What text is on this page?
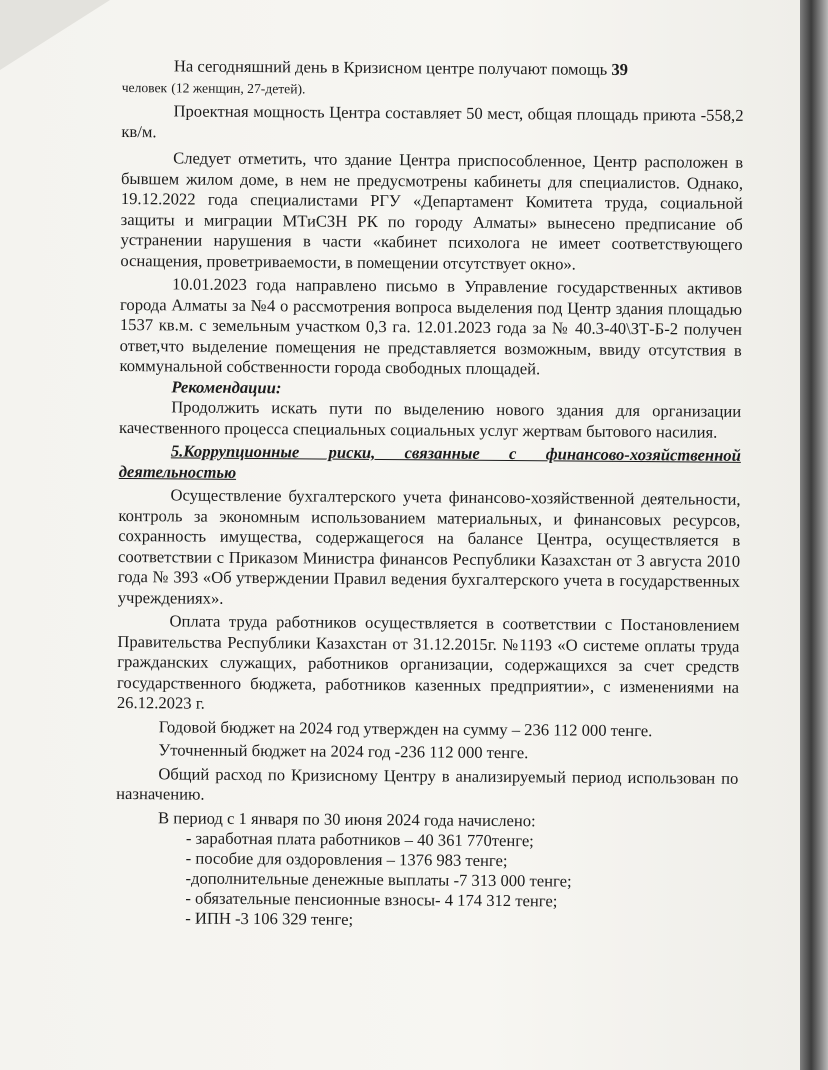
На сегодняшний день в Кризисном центре получают помощь 39

человек (12 женщин, 27-детей).

Проектная мощность Центра составляет 50 мест, общая площадь приюта -558,2 кв/м.

Следует отметить, что здание Центра приспособленное, Центр расположен в бывшем жилом доме, в нем не предусмотрены кабинеты для специалистов. Однако, 19.12.2022 года специалистами РГУ «Департамент Комитета труда, социальной защиты и миграции МТиСЗН РК по городу Алматы» вынесено предписание об устранении нарушения в части «кабинет психолога не имеет соответствующего оснащения, проветриваемости, в помещении отсутствует окно».

10.01.2023 года направлено письмо в Управление государственных активов города Алматы за №4 о рассмотрения вопроса выделения под Центр здания площадью 1537 кв.м. с земельным участком 0,3 га. 12.01.2023 года за № 40.3-40\ЗТ-Б-2 получен ответ,что выделение помещения не представляется возможным, ввиду отсутствия в коммунальной собственности города свободных площадей.

Рекомендации:

Продолжить искать пути по выделению нового здания для организации качественного процесса специальных социальных услуг жертвам бытового насилия.

5.Коррупционные риски, связанные с финансово-хозяйственной деятельностью

Осуществление бухгалтерского учета финансово-хозяйственной деятельности, контроль за экономным использованием материальных, и финансовых ресурсов, сохранность имущества, содержащегося на балансе Центра, осуществляется в соответствии с Приказом Министра финансов Республики Казахстан от 3 августа 2010 года № 393 «Об утверждении Правил ведения бухгалтерского учета в государственных учреждениях».

Оплата труда работников осуществляется в соответствии с Постановлением Правительства Республики Казахстан от 31.12.2015г. №1193 «О системе оплаты труда гражданских служащих, работников организации, содержащихся за счет средств государственного бюджета, работников казенных предприятии», с изменениями на 26.12.2023 г.

Годовой бюджет на 2024 год утвержден на сумму – 236 112 000 тенге.

Уточненный бюджет на 2024 год -236 112 000 тенге.

Общий расход по Кризисному Центру в анализируемый период использован по назначению.

В период с 1 января по 30 июня 2024 года начислено:

- заработная плата работников – 40 361 770тенге;

- пособие для оздоровления – 1376 983 тенге;

-дополнительные денежные выплаты -7 313 000 тенге;

- обязательные пенсионные взносы- 4 174 312 тенге;

- ИПН -3 106 329 тенге;
